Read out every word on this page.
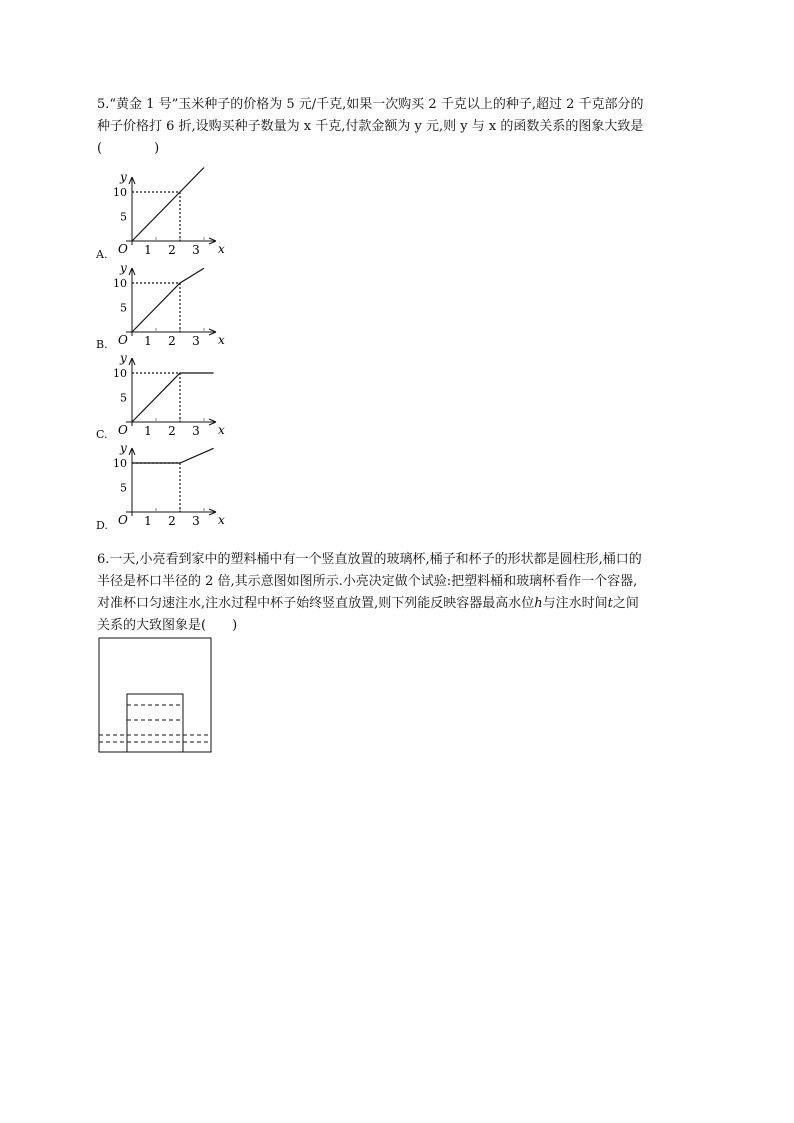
5.“黄金 1 号”玉米种子的价格为 5 元/千克,如果一次购买 2 千克以上的种子,超过 2 千克部分的
种子价格打 6 折,设购买种子数量为 x 千克,付款金额为 y 元,则 y 与 x 的函数关系的图象大致是
(　　　　)
y
x
O
10
5
1 2 3
y
x
O
10
5
1 2 3
y
x
O
10
5
1 2 3
y
x
O
10
5
1 2 3
A.
B.
C.
D.
6.一天,小亮看到家中的塑料桶中有一个竖直放置的玻璃杯,桶子和杯子的形状都是圆柱形,桶口的
半径是杯口半径的 2 倍,其示意图如图所示.小亮决定做个试验:把塑料桶和玻璃杯看作一个容器,
对准杯口匀速注水,注水过程中杯子始终竖直放置,则下列能反映容器最高水位h与注水时间t之间
关系的大致图象是(　　)
